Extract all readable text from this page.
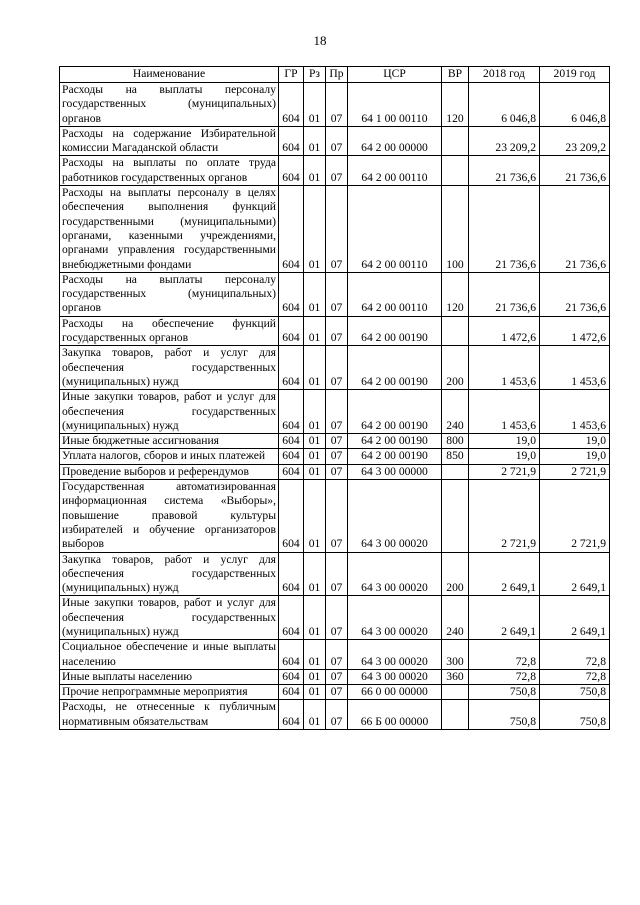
18
Наименование	ГР	Рз	Пр	ЦСР	ВР	2018 год	2019 год
Расходы на выплаты персоналу государственных (муниципальных) органов	604	01	07	64 1 00 00110	120	6 046,8	6 046,8
Расходы на содержание Избирательной комиссии Магаданской области	604	01	07	64 2 00 00000		23 209,2	23 209,2
Расходы на выплаты по оплате труда работников государственных органов	604	01	07	64 2 00 00110		21 736,6	21 736,6
Расходы на выплаты персоналу в целях обеспечения выполнения функций государственными (муниципальными) органами, казенными учреждениями, органами управления государственными внебюджетными фондами	604	01	07	64 2 00 00110	100	21 736,6	21 736,6
Расходы на выплаты персоналу государственных (муниципальных) органов	604	01	07	64 2 00 00110	120	21 736,6	21 736,6
Расходы на обеспечение функций государственных органов	604	01	07	64 2 00 00190		1 472,6	1 472,6
Закупка товаров, работ и услуг для обеспечения государственных (муниципальных) нужд	604	01	07	64 2 00 00190	200	1 453,6	1 453,6
Иные закупки товаров, работ и услуг для обеспечения государственных (муниципальных) нужд	604	01	07	64 2 00 00190	240	1 453,6	1 453,6
Иные бюджетные ассигнования	604	01	07	64 2 00 00190	800	19,0	19,0
Уплата налогов, сборов и иных платежей	604	01	07	64 2 00 00190	850	19,0	19,0
Проведение выборов и референдумов	604	01	07	64 3 00 00000		2 721,9	2 721,9
Государственная автоматизированная информационная система «Выборы», повышение правовой культуры избирателей и обучение организаторов выборов	604	01	07	64 3 00 00020		2 721,9	2 721,9
Закупка товаров, работ и услуг для обеспечения государственных (муниципальных) нужд	604	01	07	64 3 00 00020	200	2 649,1	2 649,1
Иные закупки товаров, работ и услуг для обеспечения государственных (муниципальных) нужд	604	01	07	64 3 00 00020	240	2 649,1	2 649,1
Социальное обеспечение и иные выплаты населению	604	01	07	64 3 00 00020	300	72,8	72,8
Иные выплаты населению	604	01	07	64 3 00 00020	360	72,8	72,8
Прочие непрограммные мероприятия	604	01	07	66 0 00 00000		750,8	750,8
Расходы, не отнесенные к публичным нормативным обязательствам	604	01	07	66 Б 00 00000		750,8	750,8
